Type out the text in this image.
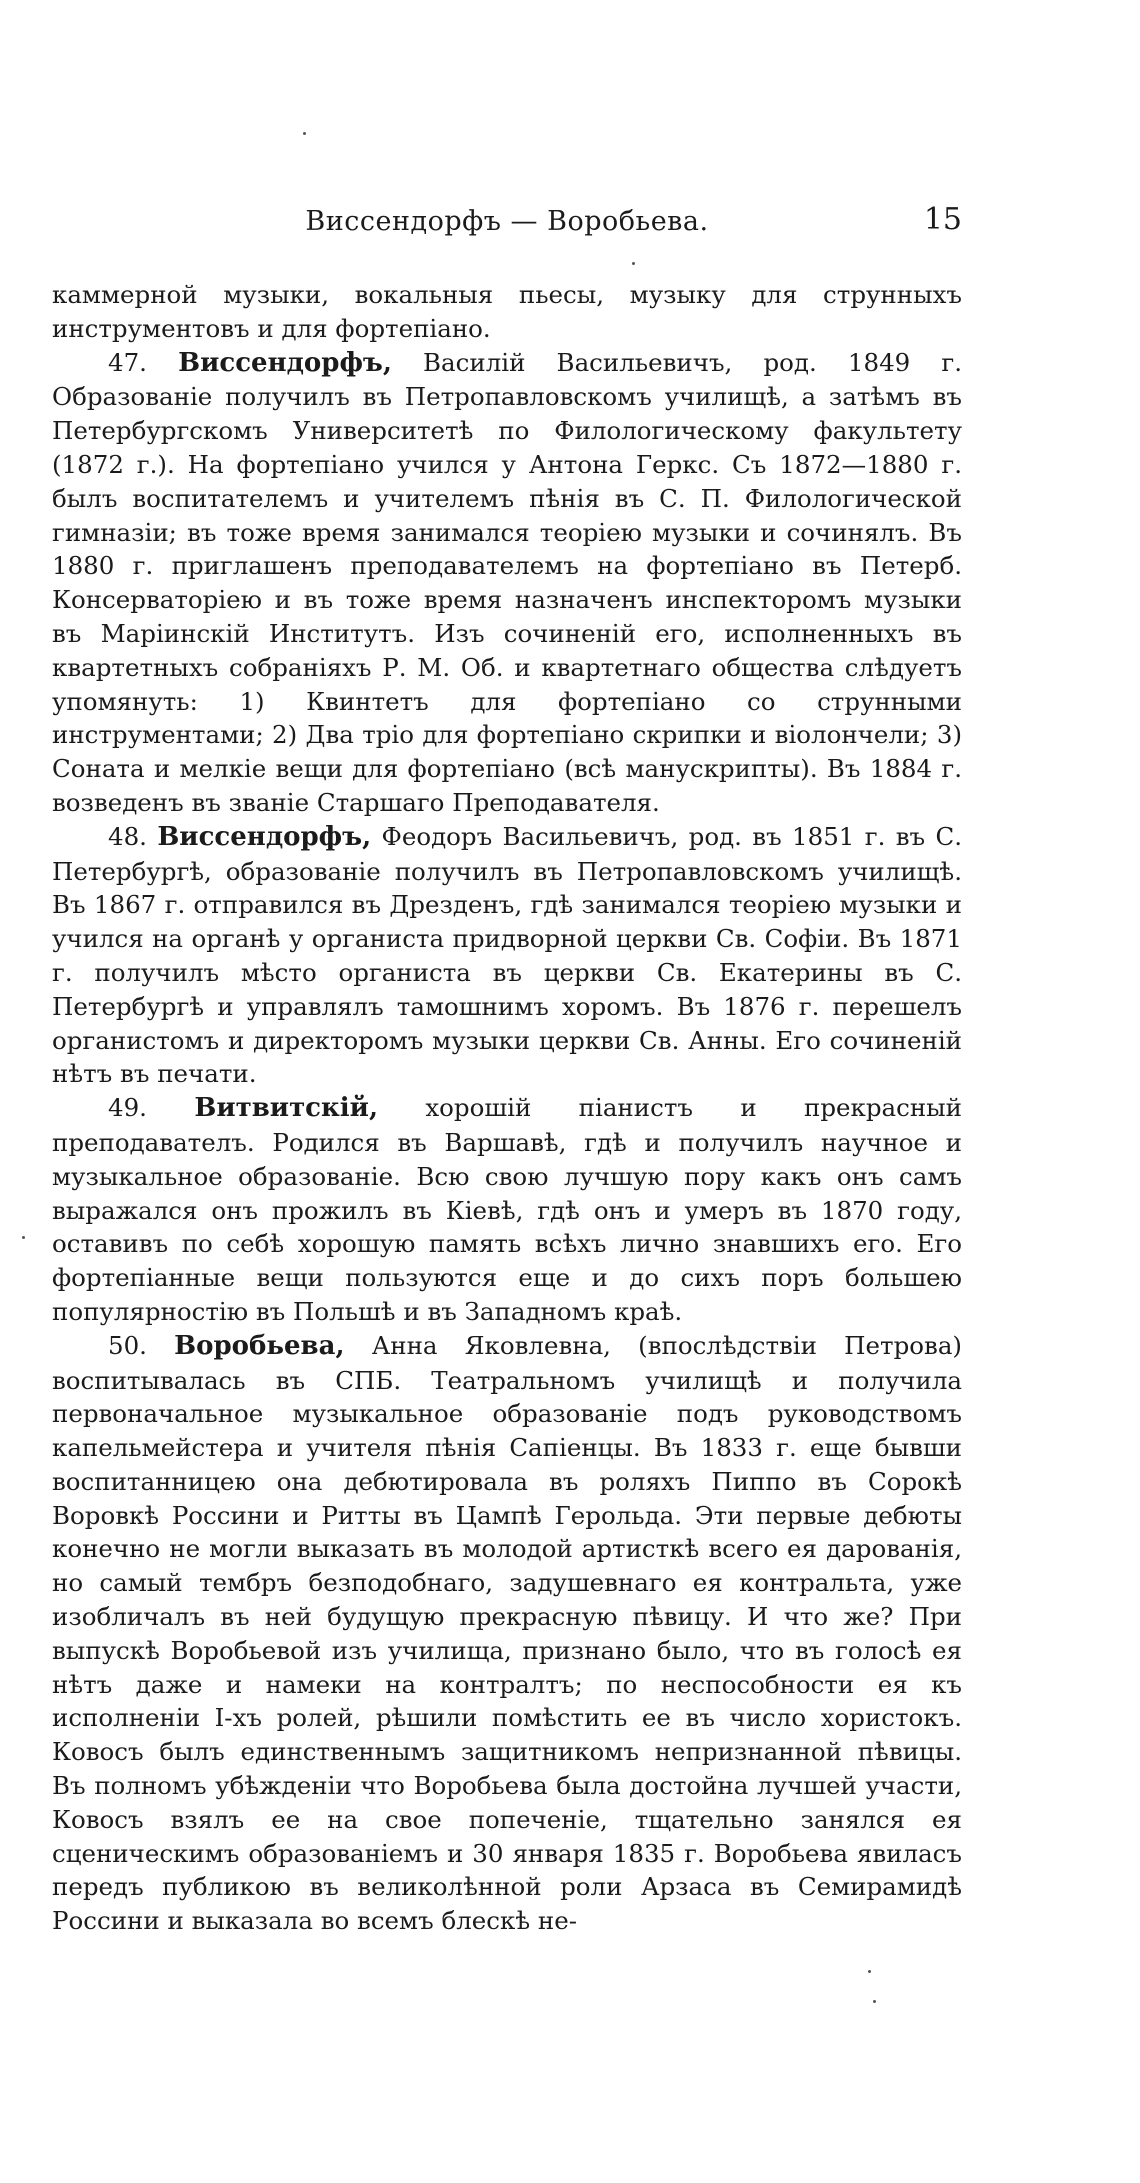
Виссендорфъ — Воробьева.	15

каммерной музыки, вокальныя пьесы, музыку для струнныхъ инструментовъ и для фортепіано.

47. Виссендорфъ, Василій Васильевичъ, род. 1849 г. Образованіе получилъ въ Петропавловскомъ училищѣ, а затѣмъ въ Петербургскомъ Университетѣ по Филологическому факультету (1872 г.). На фортепіано учился у Антона Геркс. Съ 1872—1880 г. былъ воспитателемъ и учителемъ пѣнія въ С. П. Филологической гимназіи; въ тоже время занимался теоріею музыки и сочинялъ. Въ 1880 г. приглашенъ преподавателемъ на фортепіано въ Петерб. Консерваторіею и въ тоже время назначенъ инспекторомъ музыки въ Маріинскій Институтъ. Изъ сочиненій его, исполненныхъ въ квартетныхъ собраніяхъ Р. М. Об. и квартетнаго общества слѣдуетъ упомянуть: 1) Квинтетъ для фортепіано со струнными инструментами; 2) Два тріо для фортепіано скрипки и віолончели; 3) Соната и мелкіе вещи для фортепіано (всѣ манускрипты). Въ 1884 г. возведенъ въ званіе Старшаго Преподавателя.

48. Виссендорфъ, Феодоръ Васильевичъ, род. въ 1851 г. въ С. Петербургѣ, образованіе получилъ въ Петропавловскомъ училищѣ. Въ 1867 г. отправился въ Дрезденъ, гдѣ занимался теоріею музыки и учился на органѣ у органиста придворной церкви Св. Софіи. Въ 1871 г. получилъ мѣсто органиста въ церкви Св. Екатерины въ С. Петербургѣ и управлялъ тамошнимъ хоромъ. Въ 1876 г. перешелъ органистомъ и директоромъ музыки церкви Св. Анны. Его сочиненій нѣтъ въ печати.

49. Витвитскій, хорошій піанистъ и прекрасный преподавателъ. Родился въ Варшавѣ, гдѣ и получилъ научное и музыкальное образованіе. Всю свою лучшую пору какъ онъ самъ выражался онъ прожилъ въ Кіевѣ, гдѣ онъ и умеръ въ 1870 году, оставивъ по себѣ хорошую память всѣхъ лично знавшихъ его. Его фортепіанные вещи пользуются еще и до сихъ поръ большею популярностію въ Польшѣ и въ Западномъ краѣ.

50. Воробьева, Анна Яковлевна, (впослѣдствіи Петрова) воспитывалась въ СПБ. Театральномъ училищѣ и получила первоначальное музыкальное образованіе подъ руководствомъ капельмейстера и учителя пѣнія Сапіенцы. Въ 1833 г. еще бывши воспитанницею она дебютировала въ роляхъ Пиппо въ Сорокѣ Воровкѣ Россини и Ритты въ Цампѣ Герольда. Эти первые дебюты конечно не могли выказать въ молодой артисткѣ всего ея дарованія, но самый тембръ безподобнаго, задушевнаго ея контральта, уже изобличалъ въ ней будущую прекрасную пѣвицу. И что же? При выпускѣ Воробьевой изъ училища, признано было, что въ голосѣ ея нѣтъ даже и намеки на контралтъ; по неспособности ея къ исполненіи I-хъ ролей, рѣшили помѣстить ее въ число хористокъ. Ковосъ былъ единственнымъ защитникомъ непризнанной пѣвицы. Въ полномъ убѣжденіи что Воробьева была достойна лучшей участи, Ковосъ взялъ ее на свое попеченіе, тщательно занялся ея сценическимъ образованіемъ и 30 января 1835 г. Воробьева явиласъ передъ публикою въ великолѣнной роли Арзаса въ Семирамидѣ Россини и выказала во всемъ блескѣ не-
